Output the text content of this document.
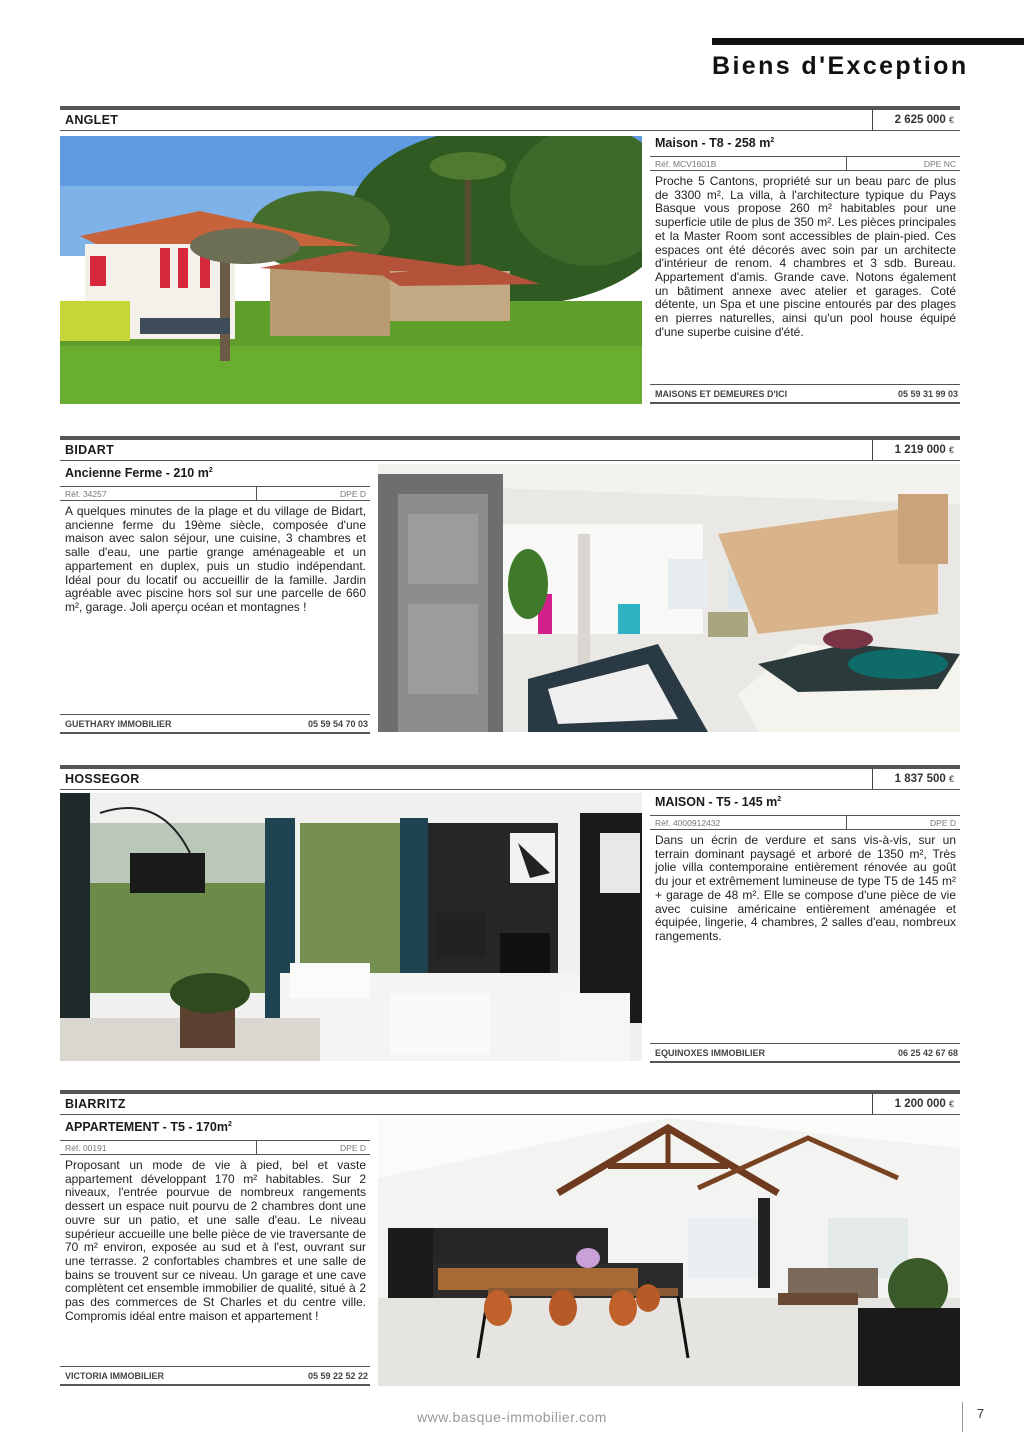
Biens d'Exception
ANGLET	2 625 000 €
Maison - T8 - 258 $m^2$
Réf. MCV1601B	DPE NC
Proche 5 Cantons, propriété sur un beau parc de plus de 3300 m². La villa, à l'architecture typique du Pays Basque vous propose 260 m² habitables pour une superficie utile de plus de 350 m². Les pièces principales et la Master Room sont accessibles de plain-pied. Ces espaces ont été décorés avec soin par un architecte d'intérieur de renom. 4 chambres et 3 sdb. Bureau. Appartement d'amis. Grande cave. Notons également un bâtiment annexe avec atelier et garages. Coté détente, un Spa et une piscine entourés par des plages en pierres naturelles, ainsi qu'un pool house équipé d'une superbe cuisine d'été.
MAISONS ET DEMEURES D'ICI	05 59 31 99 03
BIDART	1 219 000 €
Ancienne Ferme - 210 $m^2$
Réf. 34257	DPE D
A quelques minutes de la plage et du village de Bidart, ancienne ferme du 19ème siècle, composée d'une maison avec salon séjour, une cuisine, 3 chambres et salle d'eau, une partie grange aménageable et un appartement en duplex, puis un studio indépendant. Idéal pour du locatif ou accueillir de la famille. Jardin agréable avec piscine hors sol sur une parcelle de 660 m², garage. Joli aperçu océan et montagnes !
GUETHARY IMMOBILIER	05 59 54 70 03
HOSSEGOR	1 837 500 €
MAISON - T5 - 145 $m^2$
Réf. 4000912432	DPE D
Dans un écrin de verdure et sans vis-à-vis, sur un terrain dominant paysagé et arboré de 1350 m², Très jolie villa contemporaine entièrement rénovée au goût du jour et extrêmement lumineuse de type T5 de 145 m² + garage de 48 m². Elle se compose d'une pièce de vie avec cuisine américaine entièrement aménagée et équipée, lingerie, 4 chambres, 2 salles d'eau, nombreux rangements.
EQUINOXES IMMOBILIER	06 25 42 67 68
BIARRITZ	1 200 000 €
APPARTEMENT - $T5 - 170m^2$
Réf. 00191	DPE D
Proposant un mode de vie à pied, bel et vaste appartement développant 170 m² habitables. Sur 2 niveaux, l'entrée pourvue de nombreux rangements dessert un espace nuit pourvu de 2 chambres dont une ouvre sur un patio, et une salle d'eau. Le niveau supérieur accueille une belle pièce de vie traversante de 70 m² environ, exposée au sud et à l'est, ouvrant sur une terrasse. 2 confortables chambres et une salle de bains se trouvent sur ce niveau. Un garage et une cave complètent cet ensemble immobilier de qualité, situé à 2 pas des commerces de St Charles et du centre ville. Compromis idéal entre maison et appartement !
VICTORIA IMMOBILIER	05 59 22 52 22
www.basque-immobilier.com	7
